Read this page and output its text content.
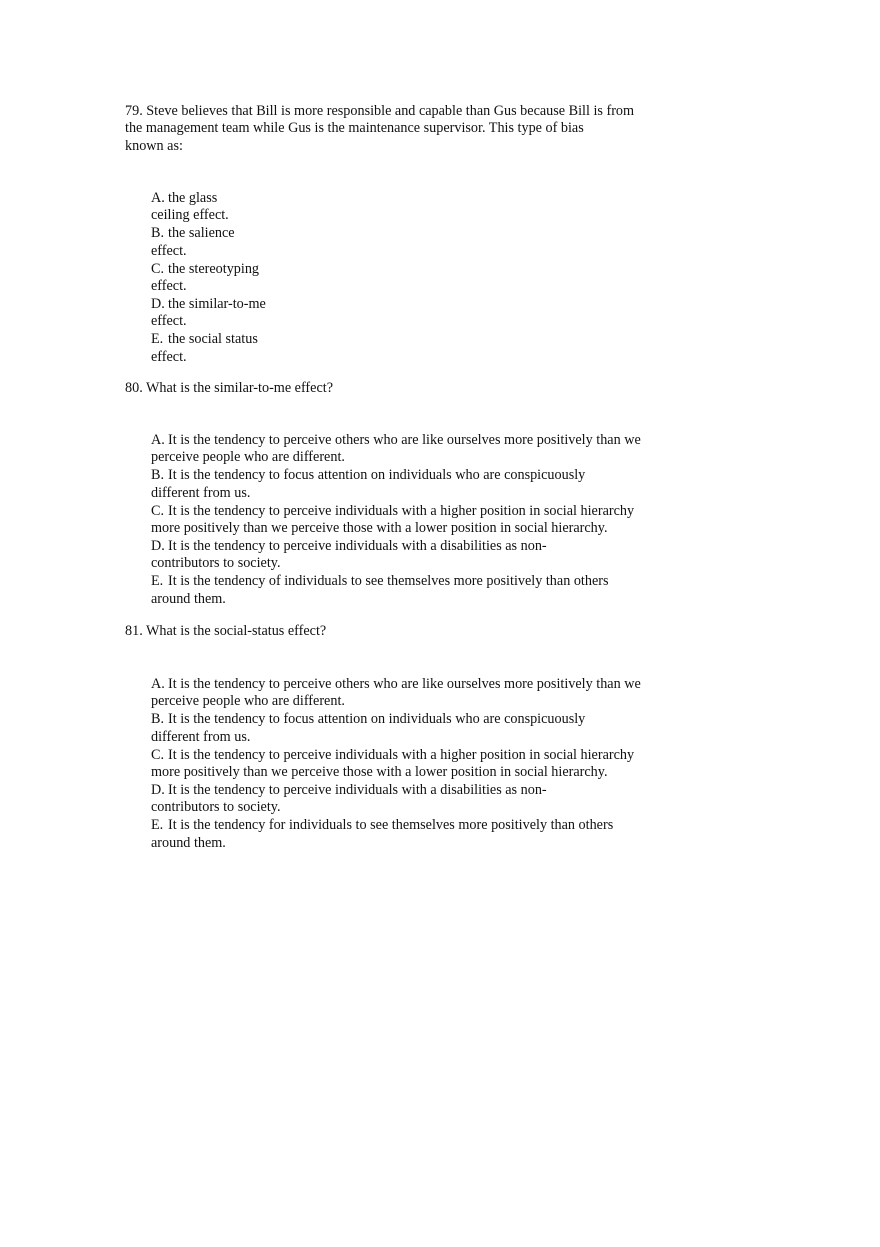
79. Steve believes that Bill is more responsible and capable than Gus because Bill is from
the management team while Gus is the maintenance supervisor. This type of bias
known as:
A. the glass
ceiling effect.
B. the salience
effect.
C. the stereotyping
effect.
D. the similar-to-me
effect.
E. the social status
effect.
80. What is the similar-to-me effect?
A. It is the tendency to perceive others who are like ourselves more positively than we
perceive people who are different.
B. It is the tendency to focus attention on individuals who are conspicuously
different from us.
C. It is the tendency to perceive individuals with a higher position in social hierarchy
more positively than we perceive those with a lower position in social hierarchy.
D. It is the tendency to perceive individuals with a disabilities as non-
contributors to society.
E. It is the tendency of individuals to see themselves more positively than others
around them.
81. What is the social-status effect?
A. It is the tendency to perceive others who are like ourselves more positively than we
perceive people who are different.
B. It is the tendency to focus attention on individuals who are conspicuously
different from us.
C. It is the tendency to perceive individuals with a higher position in social hierarchy
more positively than we perceive those with a lower position in social hierarchy.
D. It is the tendency to perceive individuals with a disabilities as non-
contributors to society.
E. It is the tendency for individuals to see themselves more positively than others
around them.
